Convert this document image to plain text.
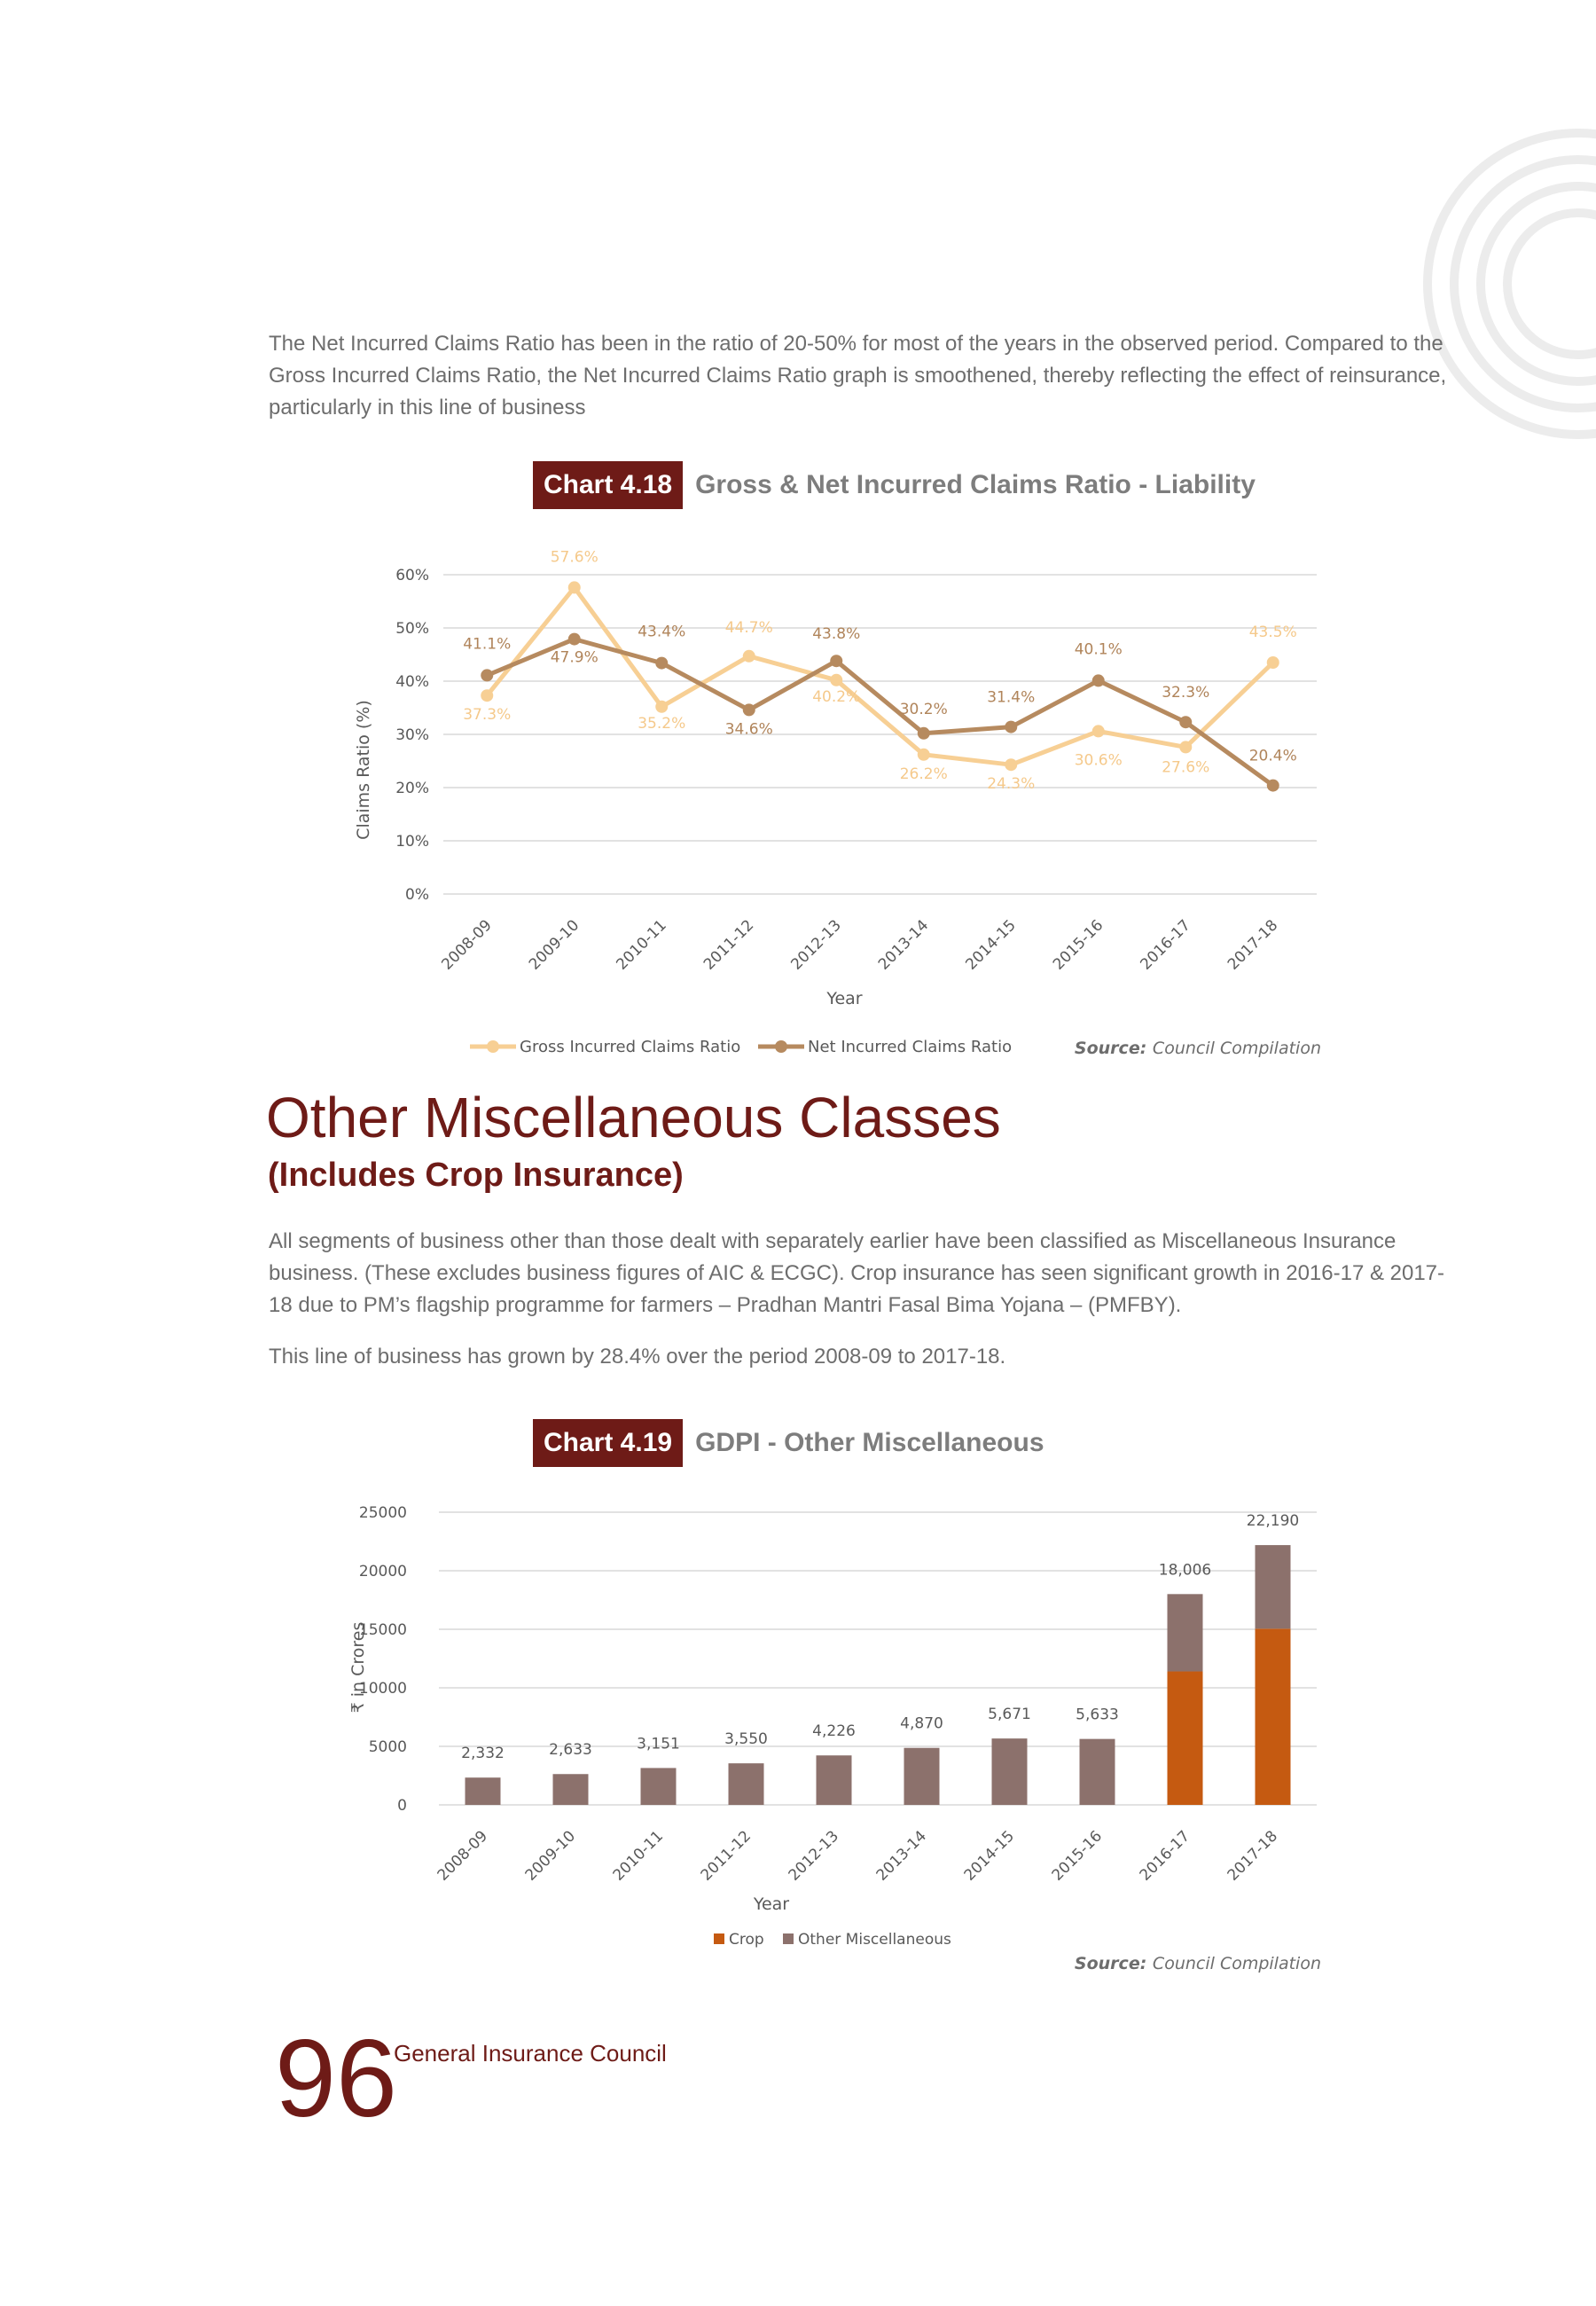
The Net Incurred Claims Ratio has been in the ratio of 20-50% for most of the years in the observed period. Compared to the Gross Incurred Claims Ratio, the Net Incurred Claims Ratio graph is smoothened, thereby reflecting the effect of reinsurance, particularly in this line of business

Chart 4.18 Gross & Net Incurred Claims Ratio - Liability
0%
10%
20%
30%
40%
50%
60%
2008-09 2009-10 2010-11 2011-12 2012-13 2013-14 2014-15 2015-16 2016-17 2017-18
Year
Claims Ratio (%)	37.3%
57.6%
35.2%
44.7%
40.2%
26.2%
24.3%
30.6%	27.6%
43.5%
41.1%
47.9%
43.4%
34.6%
43.8%
30.2%
31.4%
40.1%
32.3%
20.4%
Gross Incurred Claims Ratio	Net Incurred Claims Ratio	Source: Council Compilation
Other Miscellaneous Classes
(Includes Crop Insurance)

All segments of business other than those dealt with separately earlier have been classified as Miscellaneous Insurance business. (These excludes business figures of AIC & ECGC). Crop insurance has seen significant growth in 2016-17 & 2017-18 due to PM’s flagship programme for farmers – Pradhan Mantri Fasal Bima Yojana – (PMFBY).

This line of business has grown by 28.4% over the period 2008-09 to 2017-18.

Chart 4.19 GDPI - Other Miscellaneous
0
5000
10000
15000
20000
25000
2,332
2008-09
2,633
2009-10
3,151
2010-11
3,550
2011-12
4,226
2012-13
4,870
2013-14
5,671
2014-15
5,633
2015-16
18,006
2016-17
22,190
2017-18
Year
₹ in Crores
Crop Other Miscellaneous
Source: Council Compilation
96
General Insurance Council
